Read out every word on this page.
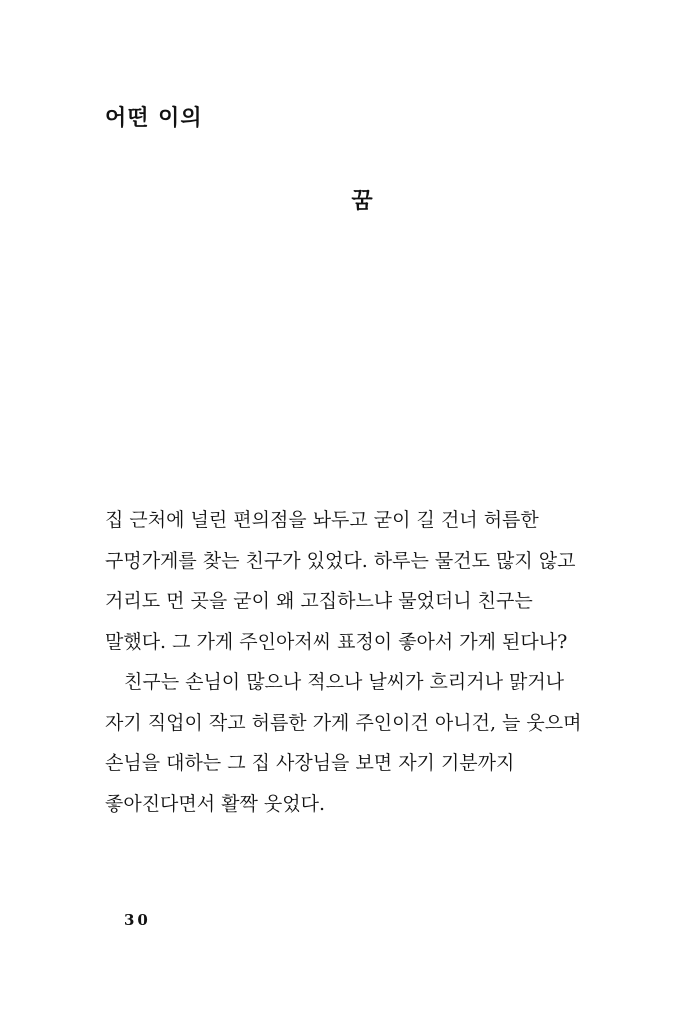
어떤 이의
꿈
집 근처에 널린 편의점을 놔두고 굳이 길 건너 허름한
구멍가게를 찾는 친구가 있었다. 하루는 물건도 많지 않고
거리도 먼 곳을 굳이 왜 고집하느냐 물었더니 친구는
말했다. 그 가게 주인아저씨 표정이 좋아서 가게 된다나?
친구는 손님이 많으나 적으나 날씨가 흐리거나 맑거나
자기 직업이 작고 허름한 가게 주인이건 아니건, 늘 웃으며
손님을 대하는 그 집 사장님을 보면 자기 기분까지
좋아진다면서 활짝 웃었다.
30
